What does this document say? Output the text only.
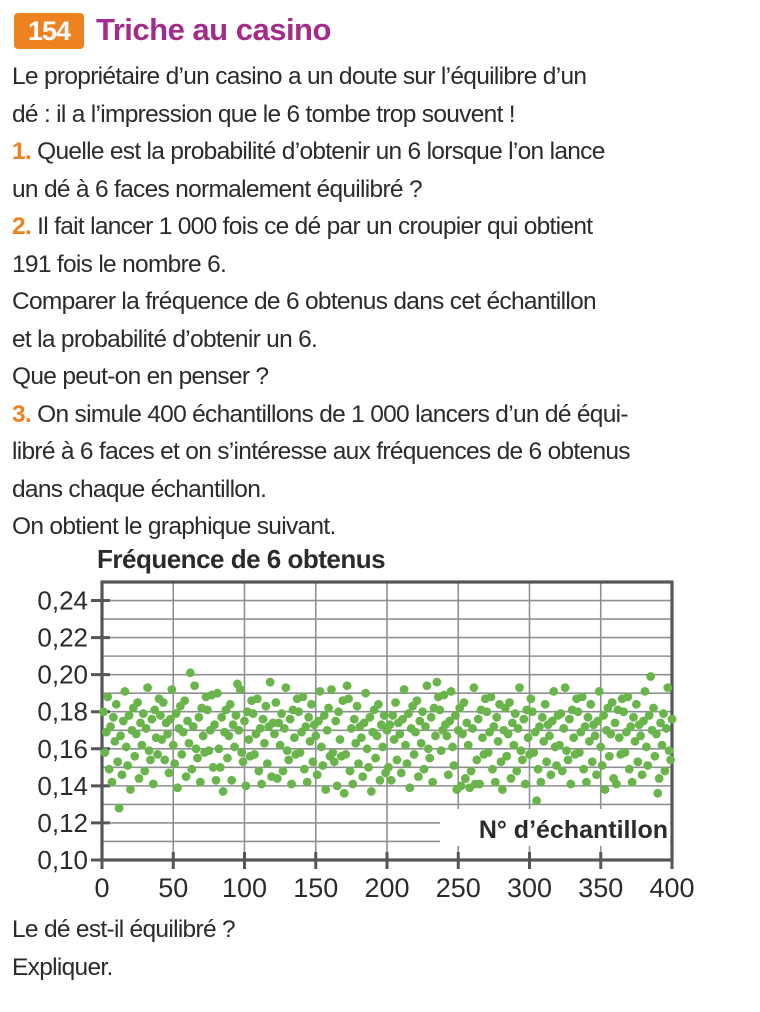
154 Triche au casino
Le propriétaire d’un casino a un doute sur l’équilibre d’un
dé : il a l’impression que le 6 tombe trop souvent !
1. Quelle est la probabilité d’obtenir un 6 lorsque l’on lance
un dé à 6 faces normalement équilibré ?
2. Il fait lancer 1 000 fois ce dé par un croupier qui obtient
191 fois le nombre 6.
Comparer la fréquence de 6 obtenus dans cet échantillon
et la probabilité d’obtenir un 6.
Que peut-on en penser ?
3. On simule 400 échantillons de 1 000 lancers d’un dé équi-
libré à 6 faces et on s’intéresse aux fréquences de 6 obtenus
dans chaque échantillon.
On obtient le graphique suivant.
Fréquence de 6 obtenus
0,10
0,12
0,14
0,16
0,18
0,20
0,22
0,24
0 50 100 150 200 250 300 350 400
N° d’échantillon
Le dé est-il équilibré ?
Expliquer.
